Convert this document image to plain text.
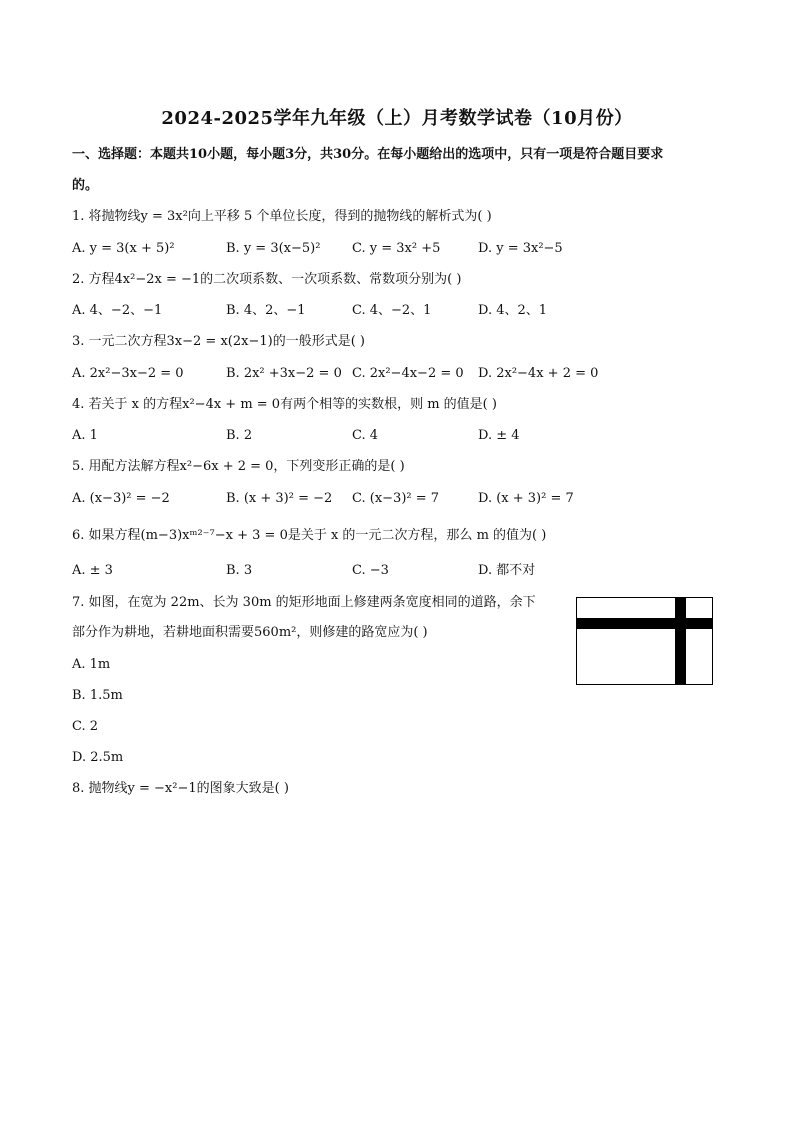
2024-2025学年九年级（上）月考数学试卷（10月份）
一、选择题：本题共10小题，每小题3分，共30分。在每小题给出的选项中，只有一项是符合题目要求
的。
1. 将抛物线y = 3x²向上平移 5 个单位长度，得到的抛物线的解析式为( )
A. y = 3(x + 5)²	B. y = 3(x−5)² C. y = 3x² +5	D. y = 3x²−5
2. 方程4x²−2x = −1的二次项系数、一次项系数、常数项分别为( )
A. 4、−2、−1	B. 4、2、−1	C. 4、−2、1	D. 4、2、1
3. 一元二次方程3x−2 = x(2x−1)的一般形式是( )
A. 2x²−3x−2 = 0	B. 2x² +3x−2 = 0 C. 2x²−4x−2 = 0 D. 2x²−4x + 2 = 0
4. 若关于 x 的方程x²−4x + m = 0有两个相等的实数根，则 m 的值是( )
A. 1	B. 2	C. 4	D. ± 4
5. 用配方法解方程x²−6x + 2 = 0，下列变形正确的是( )
A. (x−3)² = −2	B. (x + 3)² = −2 C. (x−3)² = 7	D. (x + 3)² = 7
6. 如果方程(m−3)xᵐ²⁻⁷−x + 3 = 0是关于 x 的一元二次方程，那么 m 的值为( )
A. ± 3	B. 3	C. −3	D. 都不对
7. 如图，在宽为 22m、长为 30m 的矩形地面上修建两条宽度相同的道路，余下
部分作为耕地，若耕地面积需要560m²，则修建的路宽应为( )
A. 1m
B. 1.5m
C. 2
D. 2.5m
8. 抛物线y = −x²−1的图象大致是( )
